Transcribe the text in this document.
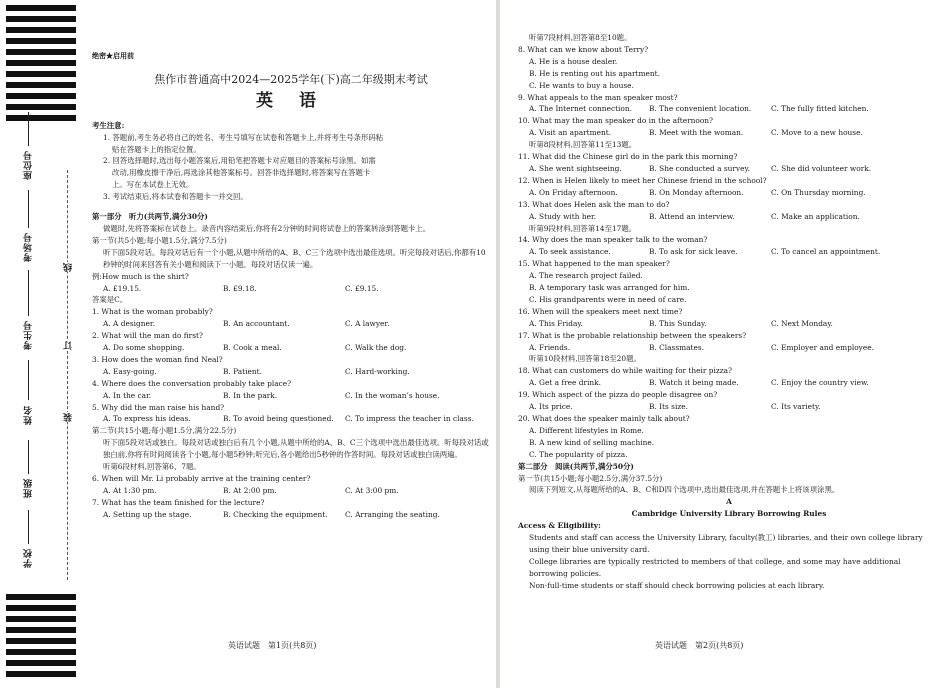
座位号
考场号
考生号
姓名
班级
学校
线
订
装
绝密★启用前
焦作市普通高中2024—2025学年(下)高二年级期末考试
英 语
考生注意:
1. 答题前,考生务必将自己的姓名、考生号填写在试卷和答题卡上,并将考生号条形码粘
贴在答题卡上的指定位置。
2. 回答选择题时,选出每小题答案后,用铅笔把答题卡对应题目的答案标号涂黑。如需
改动,用橡皮擦干净后,再选涂其他答案标号。回答非选择题时,将答案写在答题卡
上。写在本试卷上无效。
3. 考试结束后,将本试卷和答题卡一并交回。
第一部分　听力(共两节,满分30分)
做题时,先将答案标在试卷上。录音内容结束后,你将有2分钟的时间将试卷上的答案转涂到答题卡上。
第一节(共5小题;每小题1.5分,满分7.5分)
听下面5段对话。每段对话后有一个小题,从题中所给的A、B、C三个选项中选出最佳选项。听完每段对话后,你都有10秒钟的时间来回答有关小题和阅读下一小题。每段对话仅读一遍。
例:How much is the shirt?
A. £19.15.	B. £9.18.	C. £9.15.
答案是C。
1. What is the woman probably?
A. A designer.	B. An accountant.	C. A lawyer.
2. What will the man do first?
A. Do some shopping.	B. Cook a meal.	C. Walk the dog.
3. How does the woman find Neal?
A. Easy-going.	B. Patient.	C. Hard-working.
4. Where does the conversation probably take place?
A. In the car.	B. In the park.	C. In the woman’s house.
5. Why did the man raise his hand?
A. To express his ideas.	B. To avoid being questioned.	C. To impress the teacher in class.
第二节(共15小题;每小题1.5分,满分22.5分)
听下面5段对话或独白。每段对话或独白后有几个小题,从题中所给的A、B、C三个选项中选出最佳选项。听每段对话或独白前,你将有时间阅读各个小题,每小题5秒钟;听完后,各小题给出5秒钟的作答时间。每段对话或独白读两遍。
听第6段材料,回答第6、7题。
6. When will Mr. Li probably arrive at the training center?
A. At 1:30 pm.	B. At 2:00 pm.	C. At 3:00 pm.
7. What has the team finished for the lecture?
A. Setting up the stage.	B. Checking the equipment.	C. Arranging the seating.
英语试题　第1页(共8页)
听第7段材料,回答第8至10题。
8. What can we know about Terry?
A. He is a house dealer.
B. He is renting out his apartment.
C. He wants to buy a house.
9. What appeals to the man speaker most?
A. The Internet connection.	B. The convenient location.	C. The fully fitted kitchen.
10. What may the man speaker do in the afternoon?
A. Visit an apartment.	B. Meet with the woman.	C. Move to a new house.
听第8段材料,回答第11至13题。
11. What did the Chinese girl do in the park this morning?
A. She went sightseeing.	B. She conducted a survey.	C. She did volunteer work.
12. When is Helen likely to meet her Chinese friend in the school?
A. On Friday afternoon.	B. On Monday afternoon.	C. On Thursday morning.
13. What does Helen ask the man to do?
A. Study with her.	B. Attend an interview.	C. Make an application.
听第9段材料,回答第14至17题。
14. Why does the man speaker talk to the woman?
A. To seek assistance.	B. To ask for sick leave.	C. To cancel an appointment.
15. What happened to the man speaker?
A. The research project failed.
B. A temporary task was arranged for him.
C. His grandparents were in need of care.
16. When will the speakers meet next time?
A. This Friday.	B. This Sunday.	C. Next Monday.
17. What is the probable relationship between the speakers?
A. Friends.	B. Classmates.	C. Employer and employee.
听第10段材料,回答第18至20题。
18. What can customers do while waiting for their pizza?
A. Get a free drink.	B. Watch it being made.	C. Enjoy the country view.
19. Which aspect of the pizza do people disagree on?
A. Its price.	B. Its size.	C. Its variety.
20. What does the speaker mainly talk about?
A. Different lifestyles in Rome.
B. A new kind of selling machine.
C. The popularity of pizza.
第二部分　阅读(共两节,满分50分)
第一节(共15小题;每小题2.5分,满分37.5分)
阅读下列短文,从每题所给的A、B、C和D四个选项中,选出最佳选项,并在答题卡上将该项涂黑。
A
Cambridge University Library Borrowing Rules
Access & Eligibility:
Students and staff can access the University Library, faculty(教工) libraries, and their own college library using their blue university card.
College libraries are typically restricted to members of that college, and some may have additional borrowing policies.
Non-full-time students or staff should check borrowing policies at each library.
英语试题　第2页(共8页)
